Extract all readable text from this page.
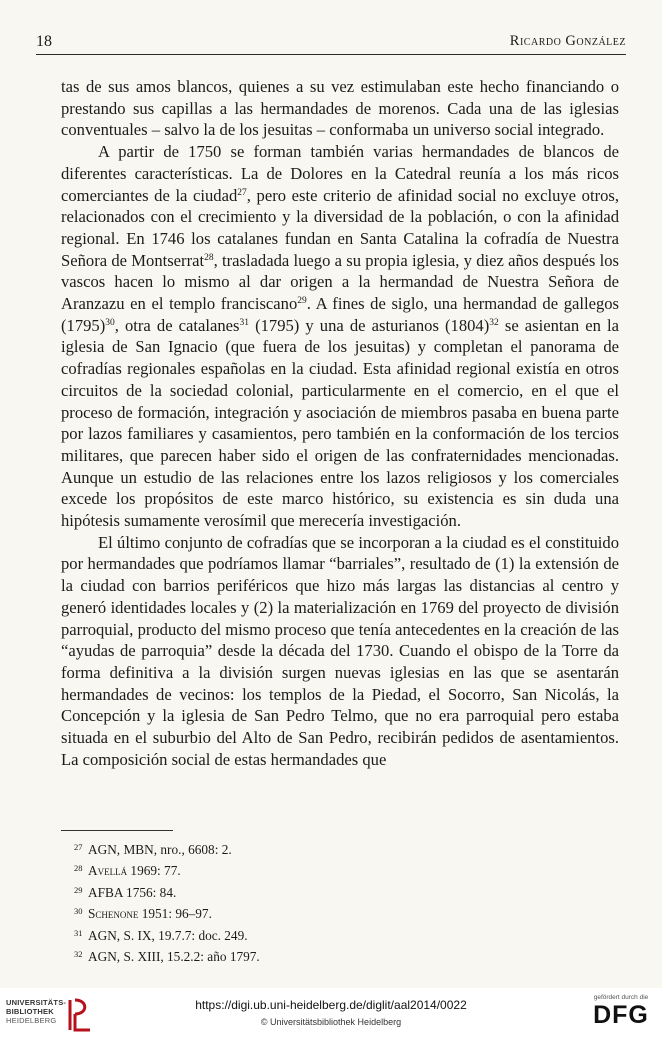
18	Ricardo González

tas de sus amos blancos, quienes a su vez estimulaban este hecho financiando o prestando sus capillas a las hermandades de morenos. Cada una de las iglesias conventuales – salvo la de los jesuitas – conformaba un universo social integrado.

A partir de 1750 se forman también varias hermandades de blancos de diferentes características. La de Dolores en la Catedral reunía a los más ricos comerciantes de la ciudad$^{27}$, pero este criterio de afinidad social no excluye otros, relacionados con el crecimiento y la diversidad de la población, o con la afinidad regional. En 1746 los catalanes fundan en Santa Catalina la cofradía de Nuestra Señora de Montserrat$^{28}$, trasladada luego a su propia iglesia, y diez años después los vascos hacen lo mismo al dar origen a la hermandad de Nuestra Señora de Aranzazu en el templo franciscano$^{29}$. A fines de siglo, una hermandad de gallegos $(1795)^{30}$, otra de catalanes$^{31}$ (1795) y una de asturianos $(1804)^{32}$ se asientan en la iglesia de San Ignacio (que fuera de los jesuitas) y completan el panorama de cofradías regionales españolas en la ciudad. Esta afinidad regional existía en otros circuitos de la sociedad colonial, particularmente en el comercio, en el que el proceso de formación, integración y asociación de miembros pasaba en buena parte por lazos familiares y casamientos, pero también en la conformación de los tercios militares, que parecen haber sido el origen de las confraternidades mencionadas. Aunque un estudio de las relaciones entre los lazos religiosos y los comerciales excede los propósitos de este marco histórico, su existencia es sin duda una hipótesis sumamente verosímil que merecería investigación.

El último conjunto de cofradías que se incorporan a la ciudad es el constituido por hermandades que podríamos llamar “barriales”, resultado de (1) la extensión de la ciudad con barrios periféricos que hizo más largas las distancias al centro y generó identidades locales y (2) la materialización en 1769 del proyecto de división parroquial, producto del mismo proceso que tenía antecedentes en la creación de las “ayudas de parroquia” desde la década del 1730. Cuando el obispo de la Torre da forma definitiva a la división surgen nuevas iglesias en las que se asentarán hermandades de vecinos: los templos de la Piedad, el Socorro, San Nicolás, la Concepción y la iglesia de San Pedro Telmo, que no era parroquial pero estaba situada en el suburbio del Alto de San Pedro, recibirán pedidos de asentamientos. La composición social de estas hermandades que

27 AGN, MBN, nro., 6608: 2.
28 Avellá 1969: 77.
29 AFBA 1756: 84.
30 Schenone 1951: 96–97.
31 AGN, S. IX, 19.7.7: doc. 249.
32 AGN, S. XIII, 15.2.2: año 1797.
UNIVERSITÄTS-
BIBLIOTHEK
HEIDELBERG
https://digi.ub.uni-heidelberg.de/diglit/aal2014/0022
© Universitätsbibliothek Heidelberg
gefördert durch die
DFG
